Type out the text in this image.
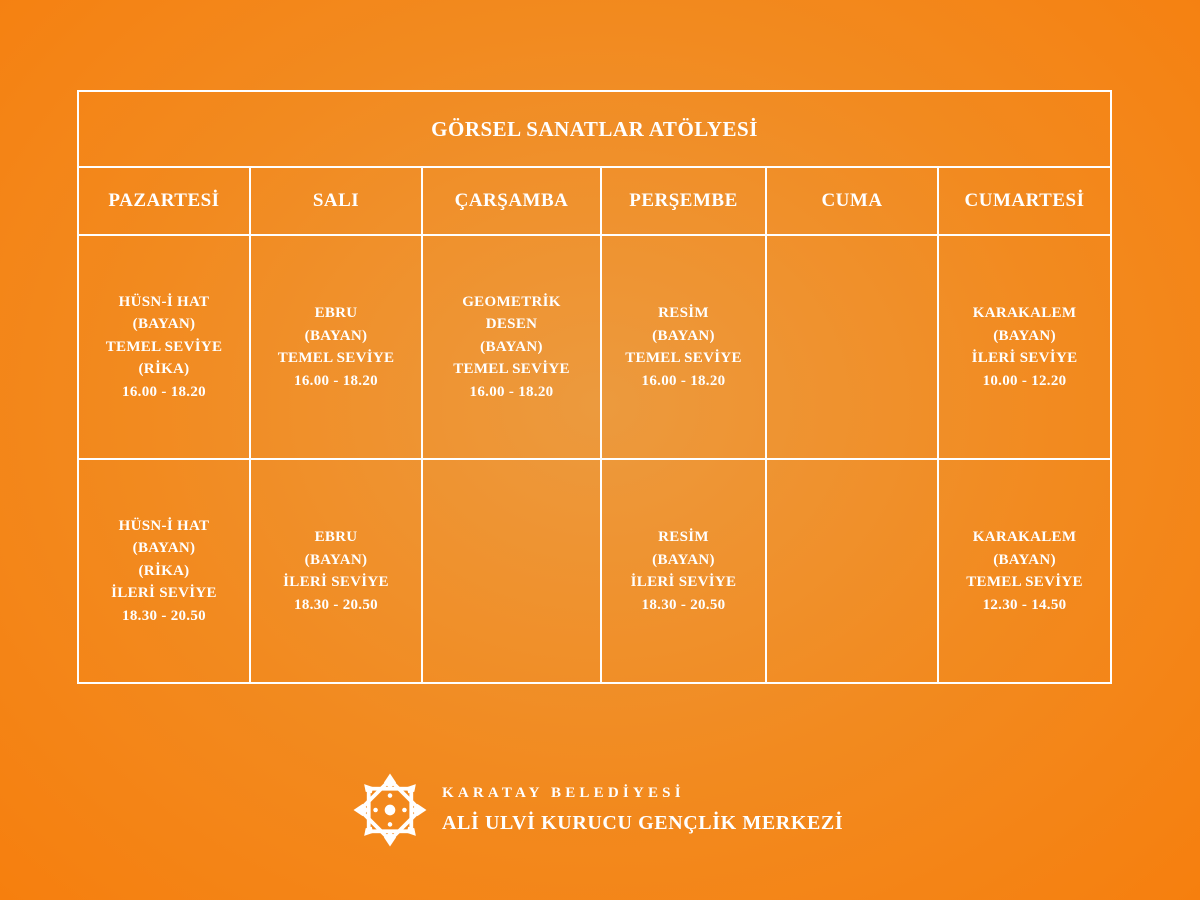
GÖRSEL SANATLAR ATÖLYESİ					
PAZARTESİ	SALI	ÇARŞAMBA	PERŞEMBE	CUMA	CUMARTESİ

HÜSN-İ HAT
(BAYAN)
TEMEL SEVİYE
(RİKA)
16.00 - 18.20	EBRU
(BAYAN)
TEMEL SEVİYE
16.00 - 18.20	GEOMETRİK
DESEN
(BAYAN)
TEMEL SEVİYE
16.00 - 18.20	RESİM
(BAYAN)
TEMEL SEVİYE
16.00 - 18.20		KARAKALEM
(BAYAN)
İLERİ SEVİYE
10.00 - 12.20

HÜSN-İ HAT
(BAYAN)
(RİKA)
İLERİ SEVİYE
18.30 - 20.50	EBRU
(BAYAN)
İLERİ SEVİYE
18.30 - 20.50		RESİM
(BAYAN)
İLERİ SEVİYE
18.30 - 20.50		KARAKALEM
(BAYAN)
TEMEL SEVİYE
12.30 - 14.50
KARATAY BELEDİYESİ
ALİ ULVİ KURUCU GENÇLİK MERKEZİ
